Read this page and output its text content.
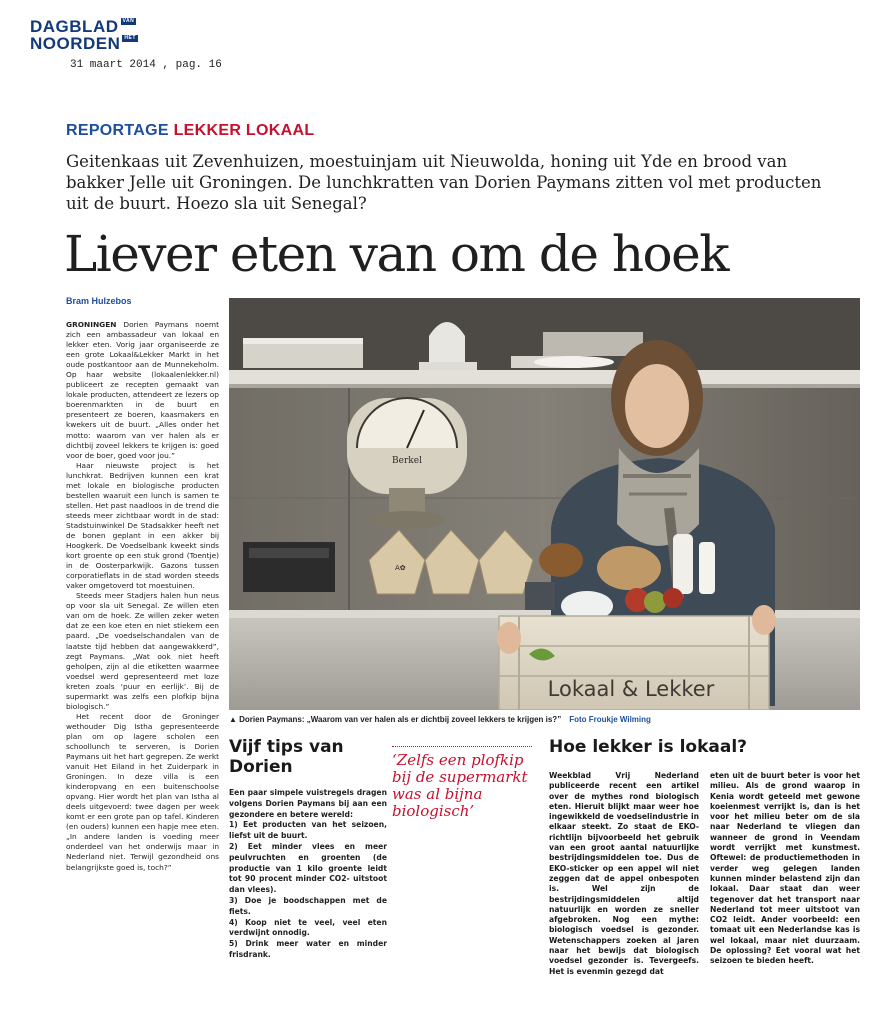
DAGBLAD VAN
NOORDEN HET
31 maart 2014 , pag. 16
REPORTAGE LEKKER LOKAAL
Geitenkaas uit Zevenhuizen, moestuinjam uit Nieuwolda, honing uit Yde en brood van bakker Jelle uit Groningen. De lunchkratten van Dorien Paymans zitten vol met producten uit de buurt. Hoezo sla uit Senegal?
Liever eten van om de hoek
Bram Hulzebos

GRONINGEN Dorien Paymans noemt zich een ambassadeur van lokaal en lekker eten. Vorig jaar organiseerde ze een grote Lokaal&Lekker Markt in het oude postkantoor aan de Munnekeholm. Op haar website (lokaalenlekker.nl) publiceert ze recepten gemaakt van lokale producten, attendeert ze lezers op boerenmarkten in de buurt en presenteert ze boeren, kaasmakers en kwekers uit de buurt. „Alles onder het motto: waarom van ver halen als er dichtbij zoveel lekkers te krijgen is: goed voor de boer, goed voor jou.”

Haar nieuwste project is het lunchkrat. Bedrijven kunnen een krat met lokale en biologische producten bestellen waaruit een lunch is samen te stellen. Het past naadloos in de trend die steeds meer zichtbaar wordt in de stad: Stadstuinwinkel De Stadsakker heeft net de bonen geplant in een akker bij Hoogkerk. De Voedselbank kweekt sinds kort groente op een stuk grond (Toentje) in de Oosterparkwijk. Gazons tussen corporatieflats in de stad worden steeds vaker omgetoverd tot moestuinen.

Steeds meer Stadjers halen hun neus op voor sla uit Senegal. Ze willen eten van om de hoek. Ze willen zeker weten dat ze een koe eten en niet stiekem een paard. „De voedselschandalen van de laatste tijd hebben dat aangewakkerd”, zegt Paymans. „Wat ook niet heeft geholpen, zijn al die etiketten waarmee voedsel werd gepresenteerd met loze kreten zoals ‘puur en eerlijk’. Bij de supermarkt was zelfs een plofkip bijna biologisch.”

Het recent door de Groninger wethouder Dig Istha gepresenteerde plan om op lagere scholen een schoollunch te serveren, is Dorien Paymans uit het hart gegrepen. Ze werkt vanuit Het Eiland in het Zuiderpark in Groningen. In deze villa is een kinderopvang en een buitenschoolse opvang. Hier wordt het plan van Istha al deels uitgevoerd: twee dagen per week komt er een grote pan op tafel. Kinderen (en ouders) kunnen een hapje mee eten. „In andere landen is voeding meer onderdeel van het onderwijs maar in Nederland niet. Terwijl gezondheid ons belangrijkste goed is, toch?”

Berkel
A✿
Lokaal & Lekker
▲ Dorien Paymans: „Waarom van ver halen als er dichtbij zoveel lekkers te krijgen is?” Foto Froukje Wilming
Vijf tips van Dorien
Een paar simpele vuistregels dragen volgens Dorien Paymans bij aan een gezondere en betere wereld:
1) Eet producten van het seizoen, liefst uit de buurt.
2) Eet minder vlees en meer peulvruchten en groenten (de productie van 1 kilo groente leidt tot 90 procent minder CO2- uitstoot dan vlees).
3) Doe je boodschappen met de fiets.
4) Koop niet te veel, veel eten verdwijnt onnodig.
5) Drink meer water en minder frisdrank.
‘Zelfs een plofkip bij de supermarkt was al bijna biologisch’
Hoe lekker is lokaal?
Weekblad Vrij Nederland publiceerde recent een artikel over de mythes rond biologisch eten. Hieruit blijkt maar weer hoe ingewikkeld de voedselindustrie in elkaar steekt. Zo staat de EKO-richtlijn bijvoorbeeld het gebruik van een groot aantal natuurlijke bestrijdingsmiddelen toe. Dus de EKO-sticker op een appel wil niet zeggen dat de appel onbespoten is. Wel zijn de bestrijdingsmiddelen altijd natuurlijk en worden ze sneller afgebroken. Nog een mythe: biologisch voedsel is gezonder. Wetenschappers zoeken al jaren naar het bewijs dat biologisch voedsel gezonder is. Tevergeefs. Het is evenmin gezegd dat
eten uit de buurt beter is voor het milieu. Als de grond waarop in Kenia wordt geteeld met gewone koeienmest verrijkt is, dan is het voor het milieu beter om de sla naar Nederland te vliegen dan wanneer de grond in Veendam wordt verrijkt met kunstmest. Oftewel: de productiemethoden in verder weg gelegen landen kunnen minder belastend zijn dan lokaal. Daar staat dan weer tegenover dat het transport naar Nederland tot meer uitstoot van CO2 leidt. Ander voorbeeld: een tomaat uit een Nederlandse kas is wel lokaal, maar niet duurzaam. De oplossing? Eet vooral wat het seizoen te bieden heeft.
